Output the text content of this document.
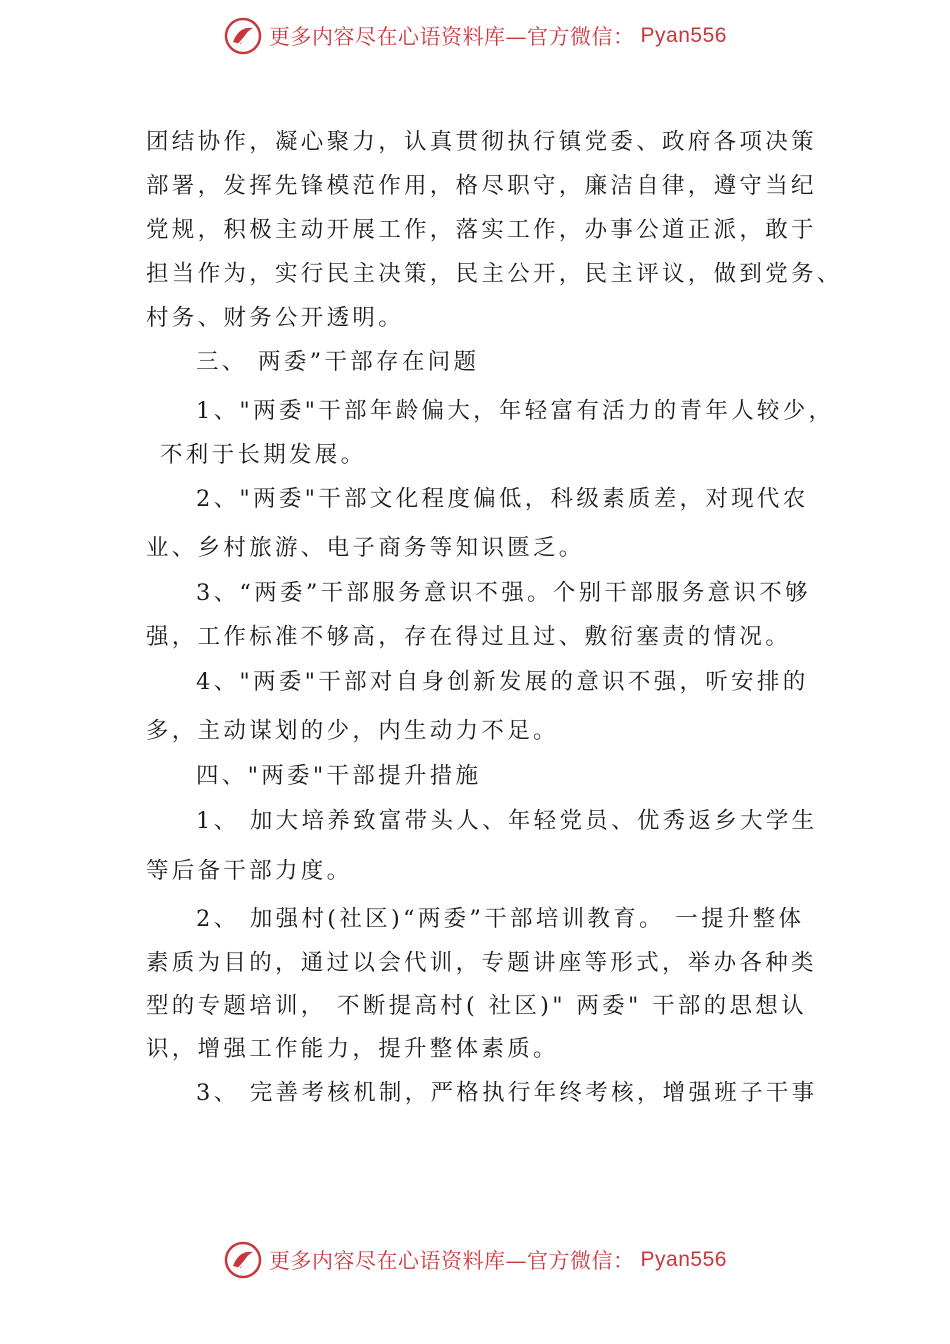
更多内容尽在心语资料库—官方微信： Pyan556
团结协作，凝心聚力，认真贯彻执行镇党委、政府各项决策
部署，发挥先锋模范作用，格尽职守，廉洁自律，遵守当纪
党规，积极主动开展工作，落实工作，办事公道正派，敢于
担当作为，实行民主决策，民主公开，民主评议，做到党务、
村务、财务公开透明。
三、 两委”干部存在问题
1、"两委"干部年龄偏大，年轻富有活力的青年人较少，
不利于长期发展。
2、"两委"干部文化程度偏低，科级素质差，对现代农
业、乡村旅游、电子商务等知识匮乏。
3、“两委”干部服务意识不强。个别干部服务意识不够
强，工作标准不够高，存在得过且过、敷衍塞责的情况。
4、"两委"干部对自身创新发展的意识不强，听安排的
多，主动谋划的少，内生动力不足。
四、"两委"干部提升措施
1、 加大培养致富带头人、年轻党员、优秀返乡大学生
等后备干部力度。
2、 加强村(社区)“两委”干部培训教育。 一提升整体
素质为目的，通过以会代训，专题讲座等形式，举办各种类
型的专题培训， 不断提高村( 社区)" 两委" 干部的思想认
识，增强工作能力，提升整体素质。
3、 完善考核机制，严格执行年终考核，增强班子干事
更多内容尽在心语资料库—官方微信： Pyan556
